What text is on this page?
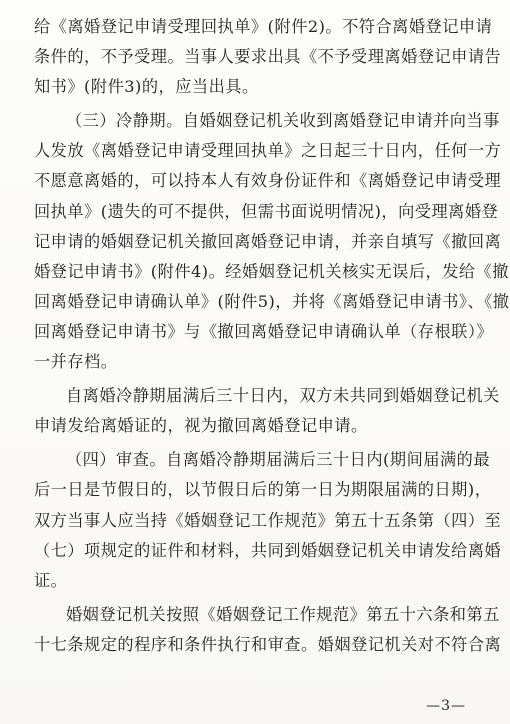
给《离婚登记申请受理回执单》(附件2)。不符合离婚登记申请
条件的，不予受理。当事人要求出具《不予受理离婚登记申请告
知书》(附件3)的，应当出具。
（三）冷静期。自婚姻登记机关收到离婚登记申请并向当事
人发放《离婚登记申请受理回执单》之日起三十日内，任何一方
不愿意离婚的，可以持本人有效身份证件和《离婚登记申请受理
回执单》(遗失的可不提供，但需书面说明情况)，向受理离婚登
记申请的婚姻登记机关撤回离婚登记申请，并亲自填写《撤回离
婚登记申请书》(附件4)。经婚姻登记机关核实无误后，发给《撤
回离婚登记申请确认单》(附件5)，并将《离婚登记申请书》、《撤
回离婚登记申请书》与《撤回离婚登记申请确认单（存根联）》
一并存档。
自离婚冷静期届满后三十日内，双方未共同到婚姻登记机关
申请发给离婚证的，视为撤回离婚登记申请。
（四）审查。自离婚冷静期届满后三十日内(期间届满的最
后一日是节假日的，以节假日后的第一日为期限届满的日期)，
双方当事人应当持《婚姻登记工作规范》第五十五条第（四）至
（七）项规定的证件和材料，共同到婚姻登记机关申请发给离婚
证。
婚姻登记机关按照《婚姻登记工作规范》第五十六条和第五
十七条规定的程序和条件执行和审查。婚姻登记机关对不符合离
—3—
